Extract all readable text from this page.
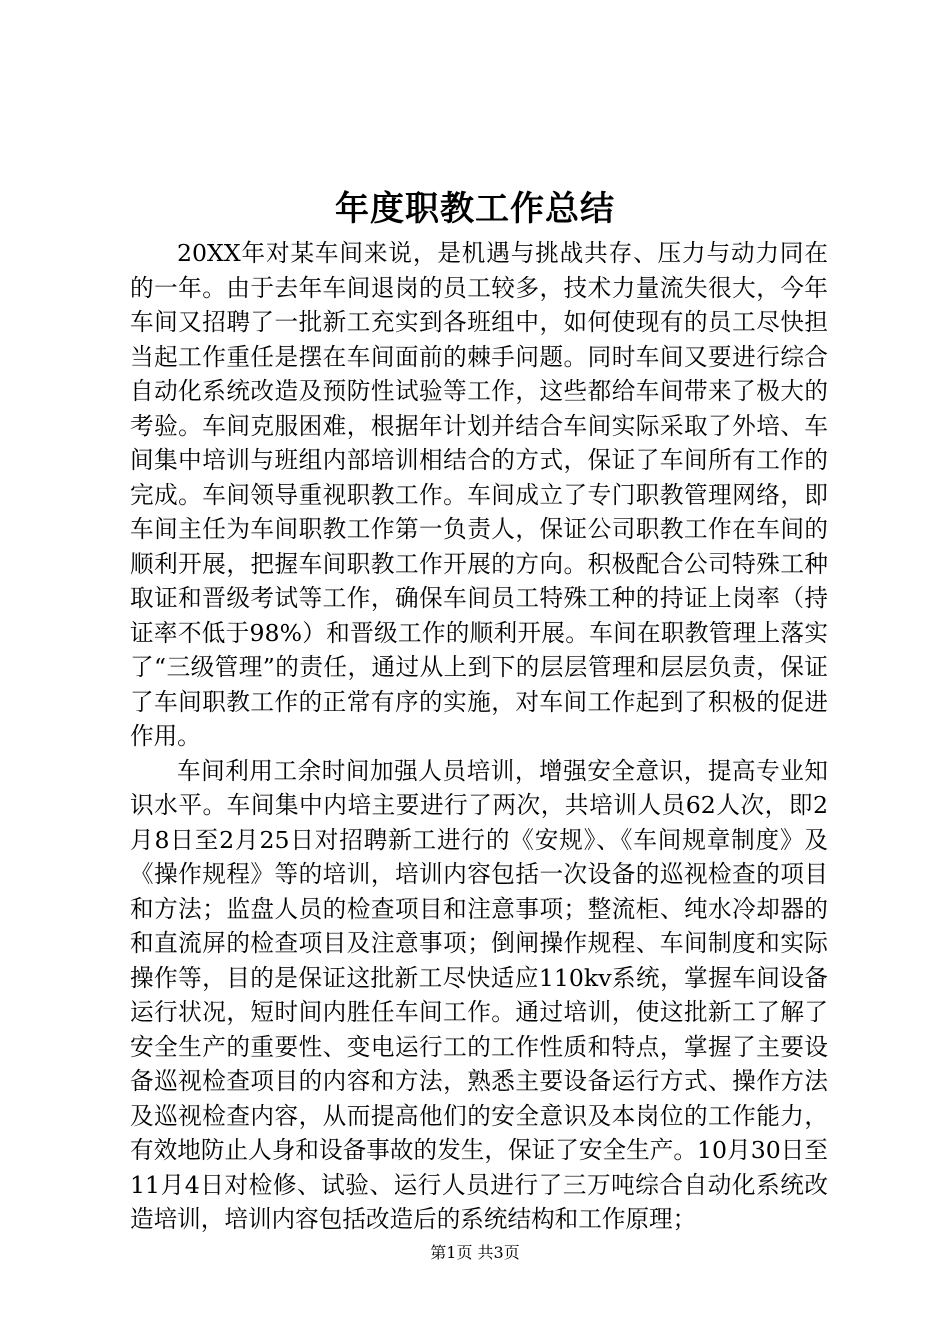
年度职教工作总结

20XX年对某车间来说，是机遇与挑战共存、压力与动力同在的一年。由于去年车间退岗的员工较多，技术力量流失很大，今年车间又招聘了一批新工充实到各班组中，如何使现有的员工尽快担当起工作重任是摆在车间面前的棘手问题。同时车间又要进行综合自动化系统改造及预防性试验等工作，这些都给车间带来了极大的考验。车间克服困难，根据年计划并结合车间实际采取了外培、车间集中培训与班组内部培训相结合的方式，保证了车间所有工作的完成。车间领导重视职教工作。车间成立了专门职教管理网络，即车间主任为车间职教工作第一负责人，保证公司职教工作在车间的顺利开展，把握车间职教工作开展的方向。积极配合公司特殊工种取证和晋级考试等工作，确保车间员工特殊工种的持证上岗率（持证率不低于98%）和晋级工作的顺利开展。车间在职教管理上落实了“三级管理”的责任，通过从上到下的层层管理和层层负责，保证了车间职教工作的正常有序的实施，对车间工作起到了积极的促进作用。

车间利用工余时间加强人员培训，增强安全意识，提高专业知识水平。车间集中内培主要进行了两次，共培训人员62人次，即2月8日至2月25日对招聘新工进行的《安规》、《车间规章制度》及《操作规程》等的培训，培训内容包括一次设备的巡视检查的项目和方法；监盘人员的检查项目和注意事项；整流柜、纯水冷却器的和直流屏的检查项目及注意事项；倒闸操作规程、车间制度和实际操作等，目的是保证这批新工尽快适应110kv系统，掌握车间设备运行状况，短时间内胜任车间工作。通过培训，使这批新工了解了安全生产的重要性、变电运行工的工作性质和特点，掌握了主要设备巡视检查项目的内容和方法，熟悉主要设备运行方式、操作方法及巡视检查内容，从而提高他们的安全意识及本岗位的工作能力，有效地防止人身和设备事故的发生，保证了安全生产。10月30日至11月4日对检修、试验、运行人员进行了三万吨综合自动化系统改造培训，培训内容包括改造后的系统结构和工作原理；

第1页 共3页
